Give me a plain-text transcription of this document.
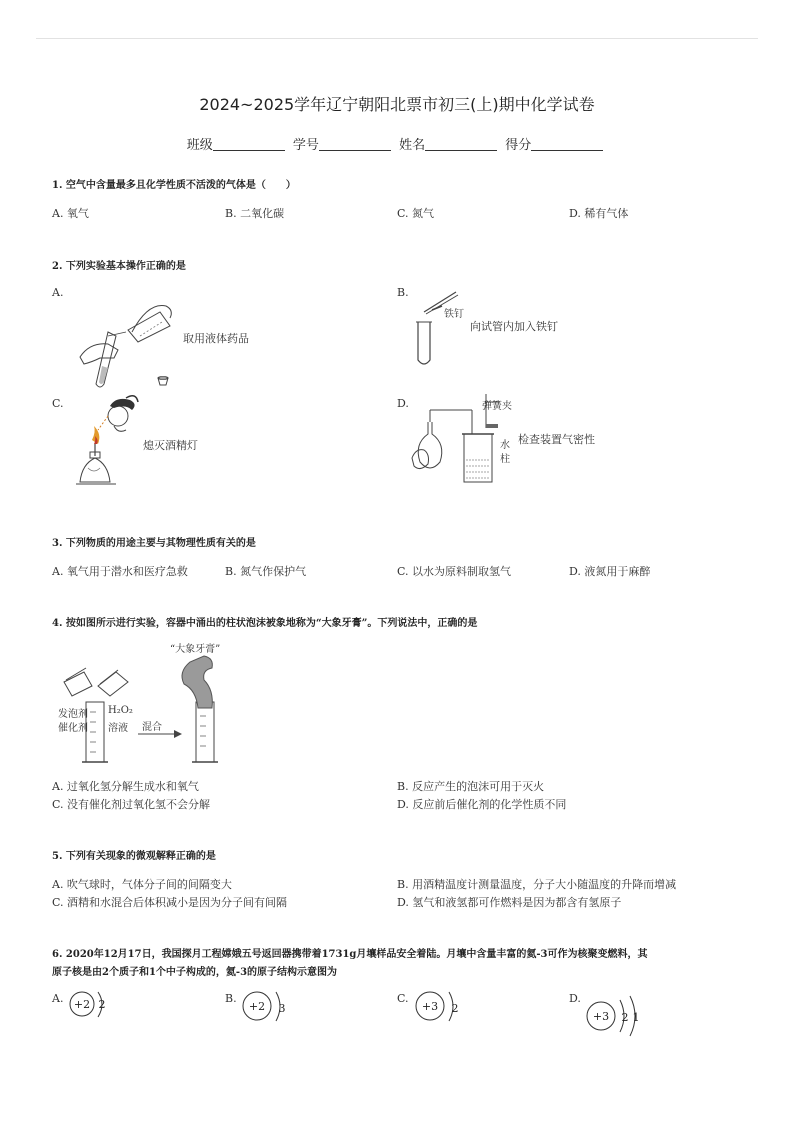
2024~2025学年辽宁朝阳北票市初三(上)期中化学试卷
班级	学号	姓名	得分
1. 空气中含量最多且化学性质不活泼的气体是（　　）
A. 氧气	B. 二氧化碳	C. 氮气	D. 稀有气体
2. 下列实验基本操作正确的是
A.	B.
C.	D.
取用液体药品
铁钉
向试管内加入铁钉
熄灭酒精灯
弹簧夹
水
柱
检查装置气密性
3. 下列物质的用途主要与其物理性质有关的是
A. 氧气用于潜水和医疗急救	B. 氮气作保护气	C. 以水为原料制取氢气	D. 液氮用于麻醉
4. 按如图所示进行实验，容器中涌出的柱状泡沫被象地称为“大象牙膏”。下列说法中，正确的是
“大象牙膏”
发泡剂
催化剂
H₂O₂
溶液 混合
A. 过氧化氢分解生成水和氧气	B. 反应产生的泡沫可用于灭火
C. 没有催化剂过氧化氢不会分解	D. 反应前后催化剂的化学性质不同
5. 下列有关现象的微观解释正确的是
A. 吹气球时，气体分子间的间隔变大	B. 用酒精温度计测量温度，分子大小随温度的升降而增减
C. 酒精和水混合后体积减小是因为分子间有间隔	D. 氢气和液氢都可作燃料是因为都含有氢原子
6. 2020年12月17日，我国探月工程嫦娥五号返回器携带着1731g月壤样品安全着陆。月壤中含量丰富的氦-3可作为核聚变燃料，其
原子核是由2个质子和1个中子构成的，氦-3的原子结构示意图为
A.	B.	C.	D.
+2 2	+2 3	+3 2
+3 2 1
